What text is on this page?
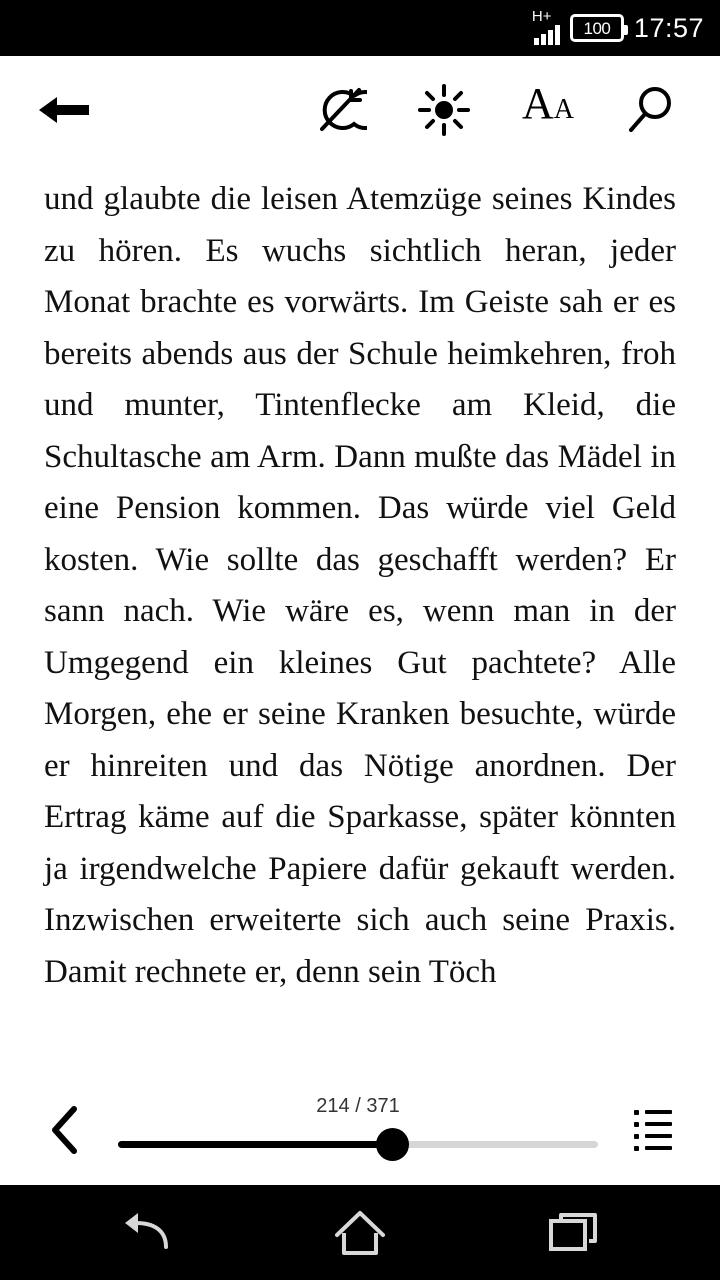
H+
100 17:57
A A

und glaubte die leisen Atemzüge seines Kindes zu hören. Es wuchs sichtlich heran, jeder Monat brachte es vorwärts. Im Geiste sah er es bereits abends aus der Schule heimkehren, froh und munter, Tintenflecke am Kleid, die Schultasche am Arm. Dann mußte das Mädel in eine Pension kommen. Das würde viel Geld kosten. Wie sollte das geschafft werden? Er sann nach. Wie wäre es, wenn man in der Umgegend ein kleines Gut pachtete? Alle Morgen, ehe er seine Kranken besuchte, würde er hinreiten und das Nötige anordnen. Der Ertrag käme auf die Sparkasse, später könnten ja irgendwelche Papiere dafür gekauft werden. Inzwischen erweiterte sich auch seine Praxis. Damit rechnete er, denn sein Töch

214 / 371
